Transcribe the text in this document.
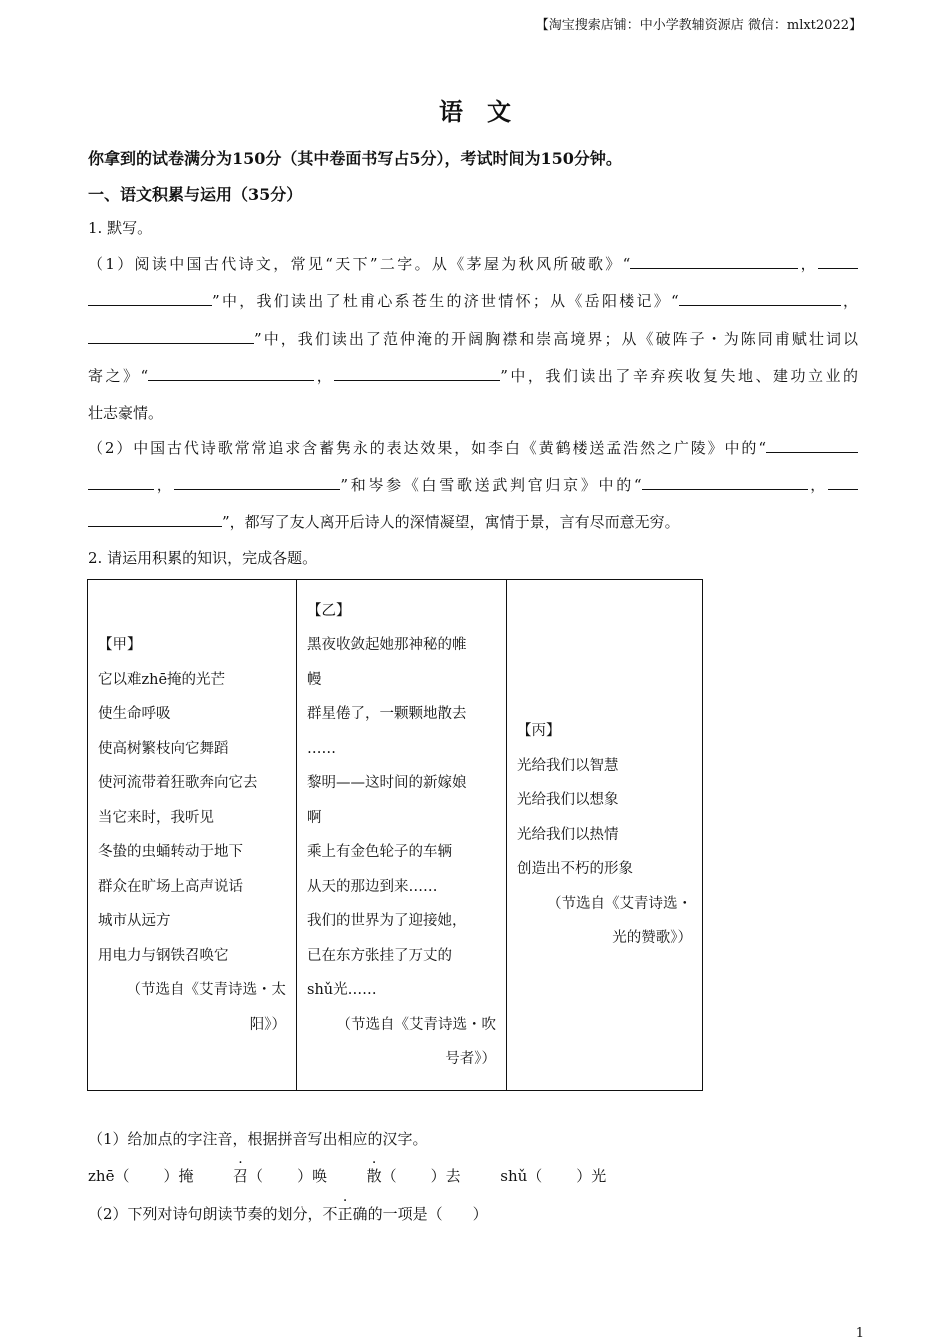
【淘宝搜索店铺：中小学教辅资源店 微信：mlxt2022】
语文
你拿到的试卷满分为150分（其中卷面书写占5分），考试时间为150分钟。
一、语文积累与运用（35分）
1. 默写。
（1）阅读中国古代诗文，常见“天下”二字。从《茅屋为秋风所破歌》“	，
”中，我们读出了杜甫心系苍生的济世情怀；从《岳阳楼记》“	，
”中，我们读出了范仲淹的开阔胸襟和崇高境界；从《破阵子・为陈同甫赋壮词以
寄之》“	，	”中，我们读出了辛弃疾收复失地、建功立业的
壮志豪情。
（2）中国古代诗歌常常追求含蓄隽永的表达效果，如李白《黄鹤楼送孟浩然之广陵》中的“
，	”和岑参《白雪歌送武判官归京》中的“	，
”，都写了友人离开后诗人的深情凝望，寓情于景，言有尽而意无穷。
2. 请运用积累的知识，完成各题。
【甲】
它以难zhē掩的光芒
使生命呼吸
使高树繁枝向它舞蹈
使河流带着狂歌奔向它去
当它来时，我听见
冬蛰的虫蛹转动于地下
群众在旷场上高声说话
城市从远方
用电力与钢铁召唤它
（节选自《艾青诗选・太
阳》）

【乙】
黑夜收敛起她那神秘的帷
幔
群星倦了，一颗颗地散去
……
黎明——这时间的新嫁娘
啊
乘上有金色轮子的车辆
从天的那边到来……
我们的世界为了迎接她，
已在东方张挂了万丈的
shǔ光……
（节选自《艾青诗选・吹
号者》）

【丙】
光给我们以智慧
光给我们以想象
光给我们以热情
创造出不朽的形象
（节选自《艾青诗选・
光的赞歌》）
（1）给加点的字注音，根据拼音写出相应的汉字。
zhē（ ）掩	召（ ）唤	散（ ）去	shǔ（ ）光
（2）下列对诗句朗读节奏的划分，不正确的一项是（　　）
1
